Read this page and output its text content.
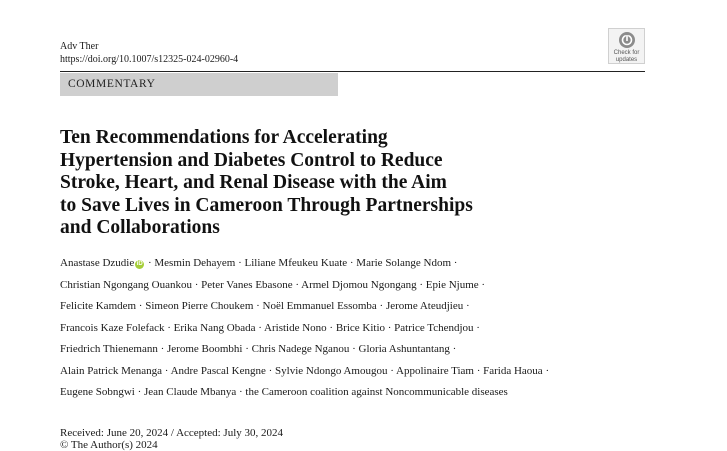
Adv Ther
https://doi.org/10.1007/s12325-024-02960-4
Check for
updates
COMMENTARY
Ten Recommendations for Accelerating
Hypertension and Diabetes Control to Reduce
Stroke, Heart, and Renal Disease with the Aim
to Save Lives in Cameroon Through Partnerships
and Collaborations
Anastase Dzudie iD · Mesmin Dehayem · Liliane Mfeukeu Kuate · Marie Solange Ndom ·
Christian Ngongang Ouankou · Peter Vanes Ebasone · Armel Djomou Ngongang · Epie Njume ·
Felicite Kamdem · Simeon Pierre Choukem · Noël Emmanuel Essomba · Jerome Ateudjieu ·
Francois Kaze Folefack · Erika Nang Obada · Aristide Nono · Brice Kitio · Patrice Tchendjou ·
Friedrich Thienemann · Jerome Boombhi · Chris Nadege Nganou · Gloria Ashuntantang ·
Alain Patrick Menanga · Andre Pascal Kengne · Sylvie Ndongo Amougou · Appolinaire Tiam · Farida Haoua ·
Eugene Sobngwi · Jean Claude Mbanya · the Cameroon coalition against Noncommunicable diseases
Received: June 20, 2024 / Accepted: July 30, 2024
© The Author(s) 2024
